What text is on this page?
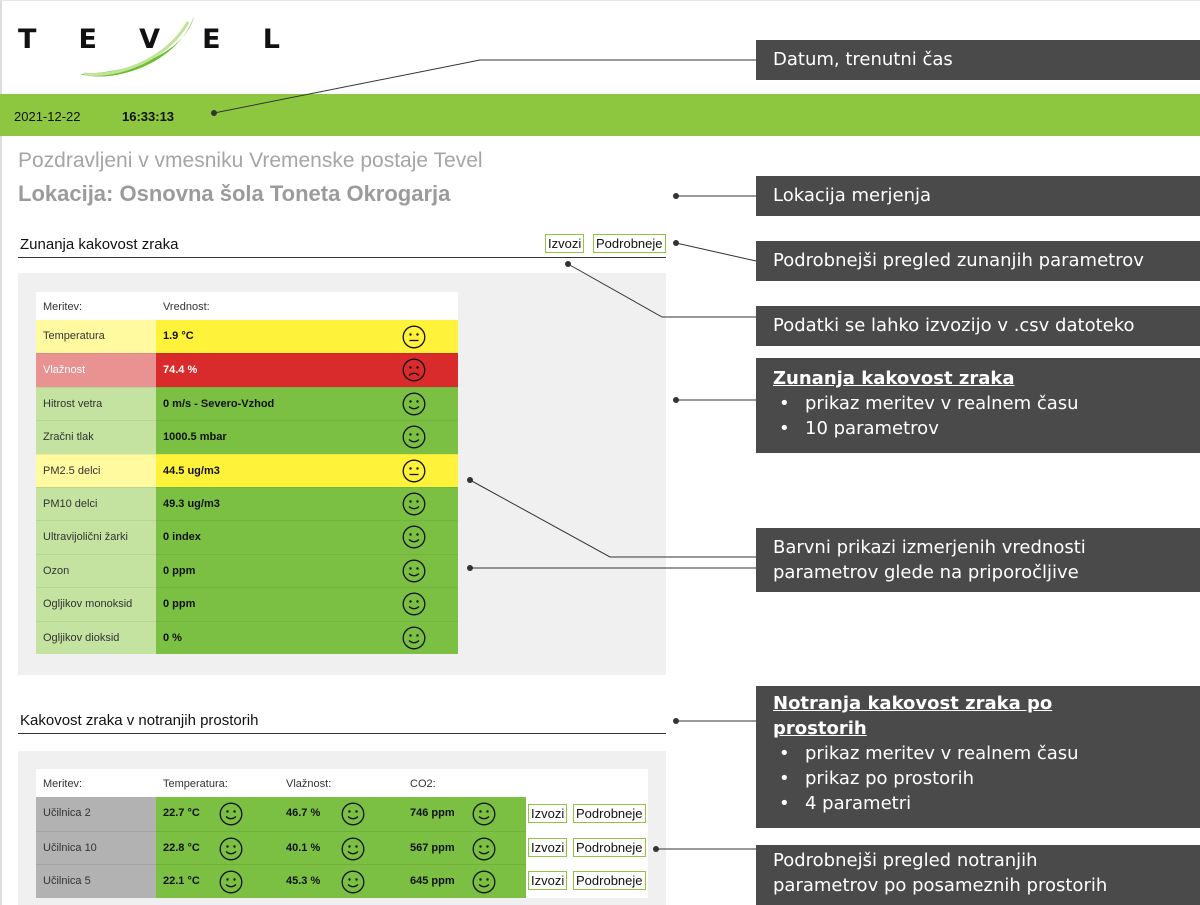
T E V E L
2021-12-22	16:33:13
Pozdravljeni v vmesniku Vremenske postaje Tevel
Lokacija: Osnovna šola Toneta Okrogarja
Zunanja kakovost zraka	Izvozi Podrobneje
Meritev:	Vrednost:
Temperatura	1.9 °C
Vlažnost	74.4 %
Hitrost vetra	0 m/s - Severo-Vzhod
Zračni tlak	1000.5 mbar
PM2.5 delci	44.5 ug/m3
PM10 delci	49.3 ug/m3
Ultravijolični žarki	0 index
Ozon	0 ppm
Ogljikov monoksid	0 ppm
Ogljikov dioksid	0 %
Kakovost zraka v notranjih prostorih
Meritev:	Temperatura:	Vlažnost:	CO2:
Učilnica 2	22.7 °C	46.7 %	746 ppm	Izvozi Podrobneje
Učilnica 10	22.8 °C	40.1 %	567 ppm	Izvozi Podrobneje
Učilnica 5	22.1 °C	45.3 %	645 ppm	Izvozi Podrobneje
Datum, trenutni čas
Lokacija merjenja
Podrobnejši pregled zunanjih parametrov
Podatki se lahko izvozijo v .csv datoteko
Zunanja kakovost zraka
• prikaz meritev v realnem času
• 10 parametrov
Barvni prikazi izmerjenih vrednosti
parametrov glede na priporočljive
Notranja kakovost zraka po
prostorih
• prikaz meritev v realnem času
• prikaz po prostorih
• 4 parametri
Podrobnejši pregled notranjih
parametrov po posameznih prostorih
